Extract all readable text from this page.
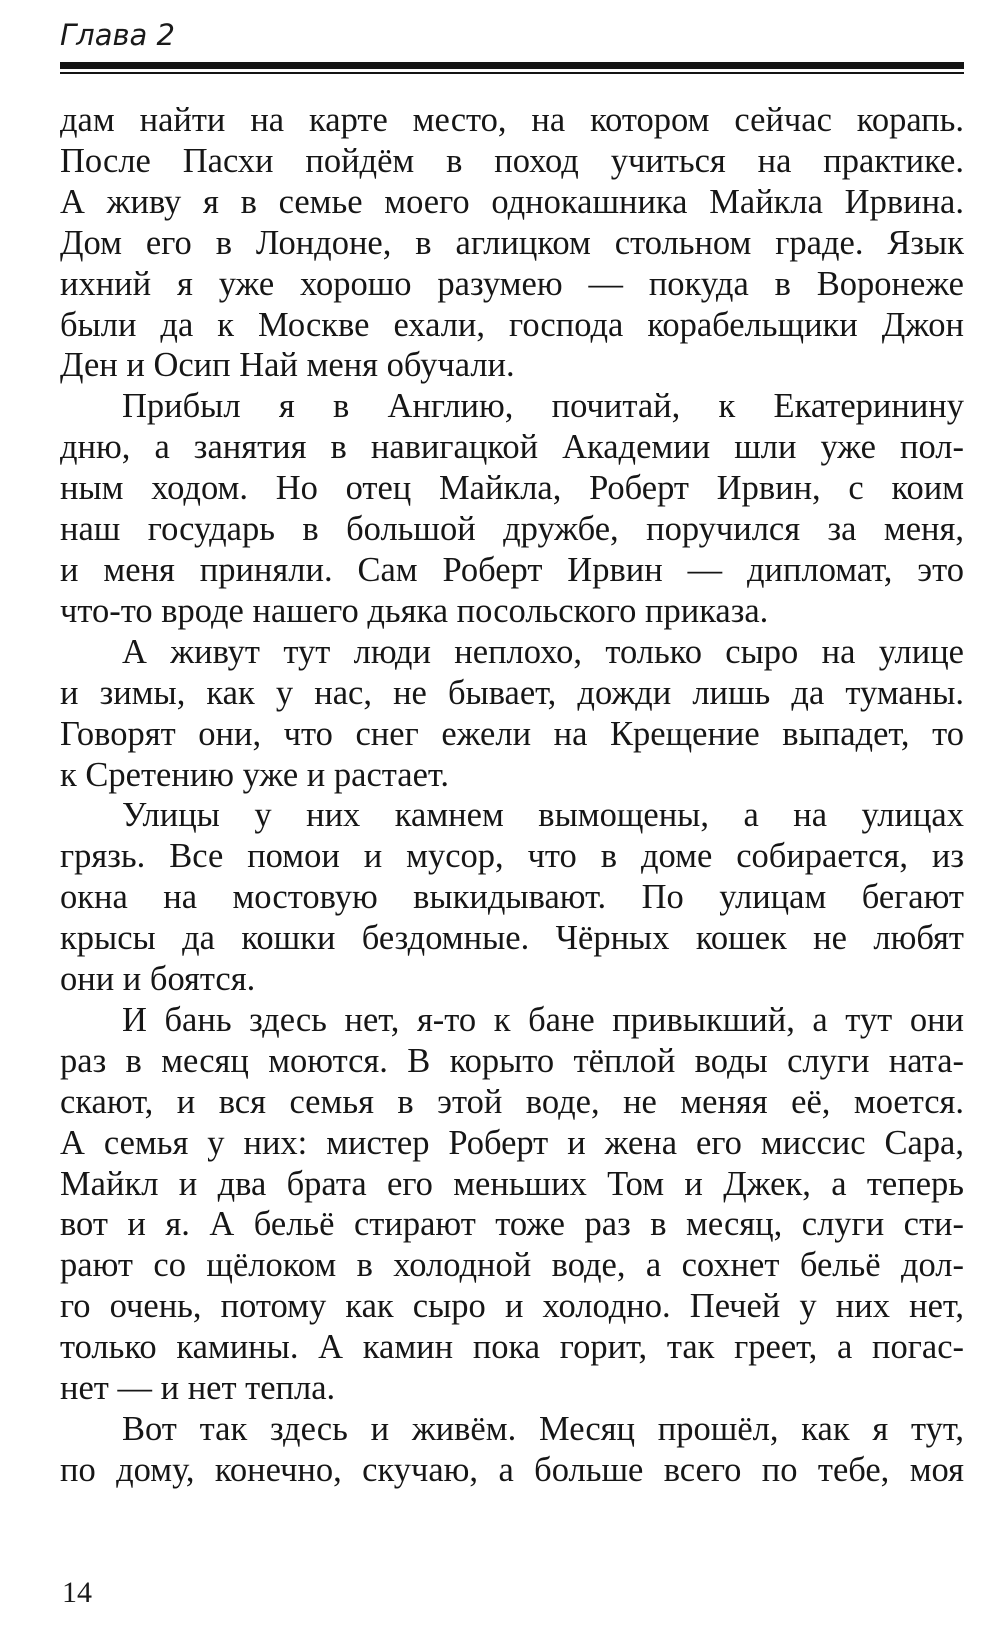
Глава 2
дам найти на карте место, на котором сейчас корапь.
После Пасхи пойдём в поход учиться на практике.
А живу я в семье моего однокашника Майкла Ирвина.
Дом его в Лондоне, в аглицком стольном граде. Язык
ихний я уже хорошо разумею — покуда в Воронеже
были да к Москве ехали, господа корабельщики Джон
Ден и Осип Най меня обучали.
Прибыл я в Англию, почитай, к Екатеринину
дню, а занятия в навигацкой Академии шли уже пол-
ным ходом. Но отец Майкла, Роберт Ирвин, с коим
наш государь в большой дружбе, поручился за меня,
и меня приняли. Сам Роберт Ирвин — дипломат, это
что-то вроде нашего дьяка посольского приказа.
А живут тут люди неплохо, только сыро на улице
и зимы, как у нас, не бывает, дожди лишь да туманы.
Говорят они, что снег ежели на Крещение выпадет, то
к Сретению уже и растает.
Улицы у них камнем вымощены, а на улицах
грязь. Все помои и мусор, что в доме собирается, из
окна на мостовую выкидывают. По улицам бегают
крысы да кошки бездомные. Чёрных кошек не любят
они и боятся.
И бань здесь нет, я-то к бане привыкший, а тут они
раз в месяц моются. В корыто тёплой воды слуги ната-
скают, и вся семья в этой воде, не меняя её, моется.
А семья у них: мистер Роберт и жена его миссис Сара,
Майкл и два брата его меньших Том и Джек, а теперь
вот и я. А бельё стирают тоже раз в месяц, слуги сти-
рают со щёлоком в холодной воде, а сохнет бельё дол-
го очень, потому как сыро и холодно. Печей у них нет,
только камины. А камин пока горит, так греет, а погас-
нет — и нет тепла.
Вот так здесь и живём. Месяц прошёл, как я тут,
по дому, конечно, скучаю, а больше всего по тебе, моя
14
